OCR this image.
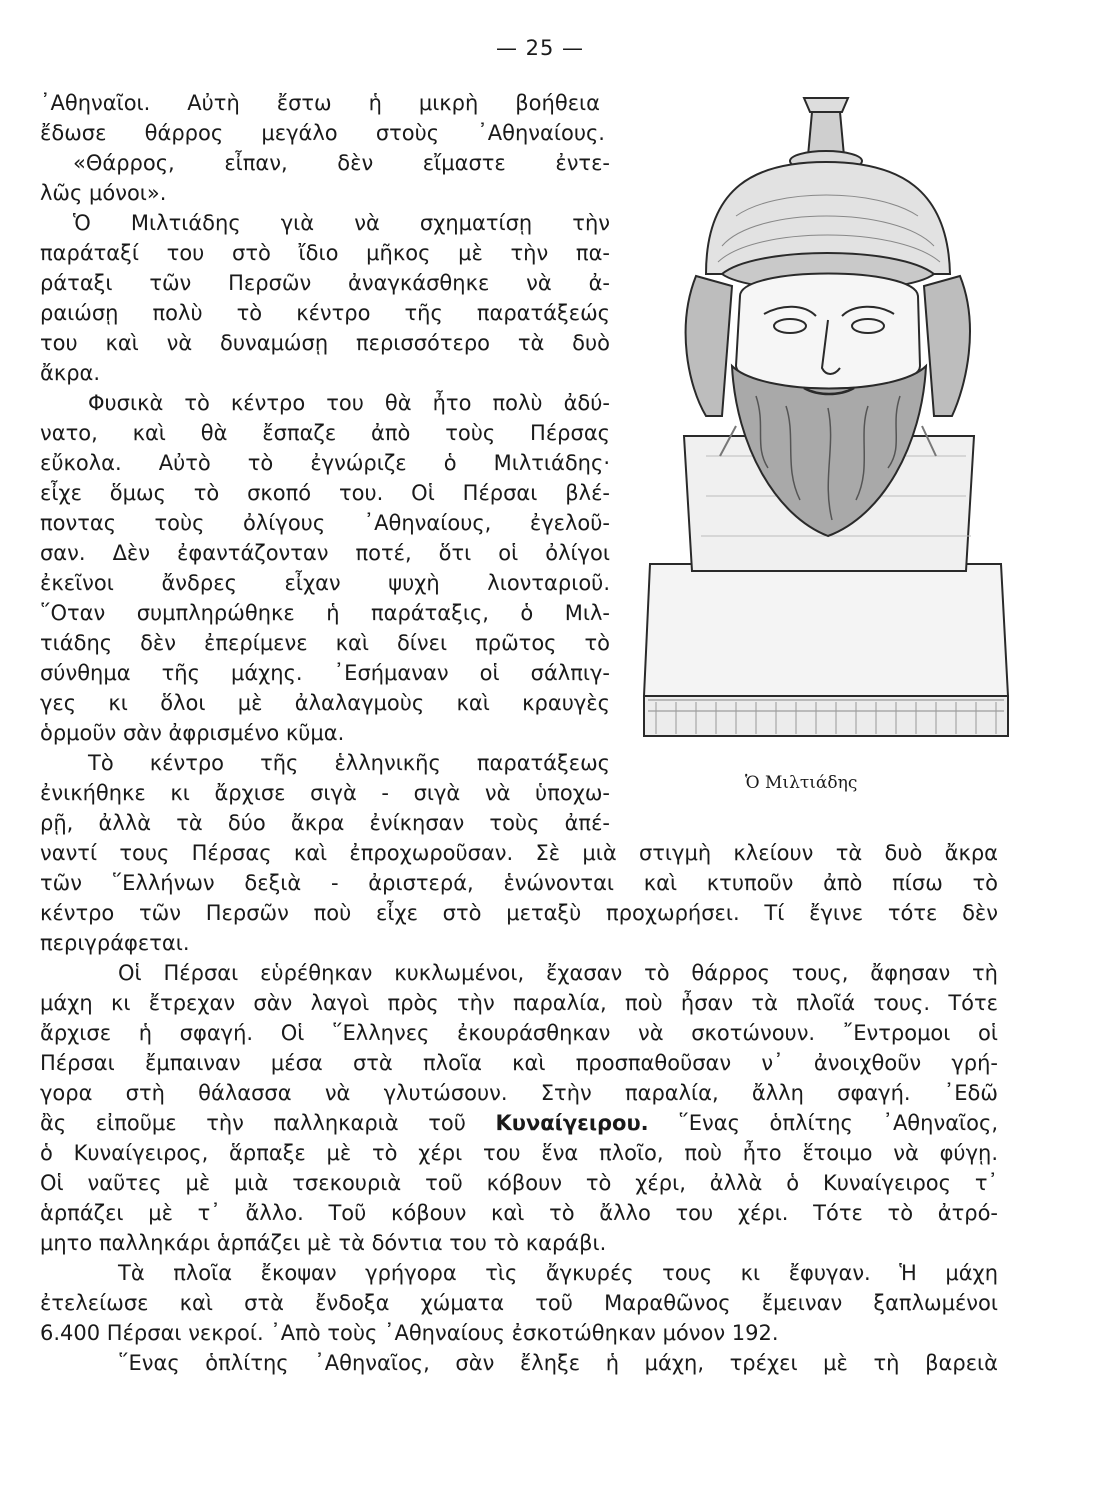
— 25 —
᾿Αθηναῖοι. Αὐτὴ ἔστω ἡ μικρὴ βοήθεια
ἔδωσε θάρρος μεγάλο στοὺς ᾿Αθηναίους.
«Θάρρος, εἶπαν, δὲν εἴμαστε ἐντε-
λῶς μόνοι».
Ὁ Μιλτιάδης γιὰ νὰ σχηματίσῃ τὴν
παράταξί του στὸ ἴδιο μῆκος μὲ τὴν πα-
ράταξι τῶν Περσῶν ἀναγκάσθηκε νὰ ἀ-
ραιώσῃ πολὺ τὸ κέντρο τῆς παρατάξεώς
του καὶ νὰ δυναμώσῃ περισσότερο τὰ δυὸ
ἄκρα.
Φυσικὰ τὸ κέντρο του θὰ ἦτο πολὺ ἀδύ-
νατο, καὶ θὰ ἔσπαζε ἀπὸ τοὺς Πέρσας
εὔκολα. Αὐτὸ τὸ ἐγνώριζε ὁ Μιλτιάδης·
εἶχε ὅμως τὸ σκοπό του. Οἱ Πέρσαι βλέ-
ποντας τοὺς ὀλίγους ᾿Αθηναίους, ἐγελοῦ-
σαν. Δὲν ἐφαντάζονταν ποτέ, ὅτι οἱ ὀλίγοι
ἐκεῖνοι ἄνδρες εἶχαν ψυχὴ λιονταριοῦ.
῞Οταν συμπληρώθηκε ἡ παράταξις, ὁ Μιλ-
τιάδης δὲν ἐπερίμενε καὶ δίνει πρῶτος τὸ
σύνθημα τῆς μάχης. ᾿Εσήμαναν οἱ σάλπιγ-
γες κι ὅλοι μὲ ἀλαλαγμοὺς καὶ κραυγὲς
ὁρμοῦν σὰν ἀφρισμένο κῦμα.
Τὸ κέντρο τῆς ἑλληνικῆς παρατάξεως
ἐνικήθηκε κι ἄρχισε σιγὰ - σιγὰ νὰ ὑποχω-
ρῇ, ἀλλὰ τὰ δύο ἄκρα ἐνίκησαν τοὺς ἀπέ-
ναντί τους Πέρσας καὶ ἐπροχωροῦσαν. Σὲ μιὰ στιγμὴ κλείουν τὰ δυὸ ἄκρα
τῶν ῞Ελλήνων δεξιὰ - ἀριστερά, ἑνώνονται καὶ κτυποῦν ἀπὸ πίσω τὸ
κέντρο τῶν Περσῶν ποὺ εἶχε στὸ μεταξὺ προχωρήσει. Τί ἔγινε τότε δὲν
περιγράφεται.
Οἱ Πέρσαι εὑρέθηκαν κυκλωμένοι, ἔχασαν τὸ θάρρος τους, ἄφησαν τὴ
μάχη κι ἔτρεχαν σὰν λαγοὶ πρὸς τὴν παραλία, ποὺ ἦσαν τὰ πλοῖά τους. Τότε
ἄρχισε ἡ σφαγή. Οἱ ῞Ελληνες ἐκουράσθηκαν νὰ σκοτώνουν. ῎Εντρομοι οἱ
Πέρσαι ἔμπαιναν μέσα στὰ πλοῖα καὶ προσπαθοῦσαν ν᾿ ἀνοιχθοῦν γρή-
γορα στὴ θάλασσα νὰ γλυτώσουν. Στὴν παραλία, ἄλλη σφαγή. ᾿Εδῶ
ἂς εἰποῦμε τὴν παλληκαριὰ τοῦ Κυναίγειρου. ῞Ενας ὁπλίτης ᾿Αθηναῖος,
ὁ Κυναίγειρος, ἅρπαξε μὲ τὸ χέρι του ἕνα πλοῖο, ποὺ ἦτο ἕτοιμο νὰ φύγῃ.
Οἱ ναῦτες μὲ μιὰ τσεκουριὰ τοῦ κόβουν τὸ χέρι, ἀλλὰ ὁ Κυναίγειρος τ᾿
ἁρπάζει μὲ τ᾿ ἄλλο. Τοῦ κόβουν καὶ τὸ ἄλλο του χέρι. Τότε τὸ ἀτρό-
μητο παλληκάρι ἁρπάζει μὲ τὰ δόντια του τὸ καράβι.
Τὰ πλοῖα ἔκοψαν γρήγορα τὶς ἄγκυρές τους κι ἔφυγαν. Ἡ μάχη
ἐτελείωσε καὶ στὰ ἔνδοξα χώματα τοῦ Μαραθῶνος ἔμειναν ξαπλωμένοι
6.400 Πέρσαι νεκροί. ᾿Απὸ τοὺς ᾿Αθηναίους ἐσκοτώθηκαν μόνον 192.
῞Ενας ὁπλίτης ᾿Αθηναῖος, σὰν ἔληξε ἡ μάχη, τρέχει μὲ τὴ βαρειὰ
Ὁ Μιλτιάδης
